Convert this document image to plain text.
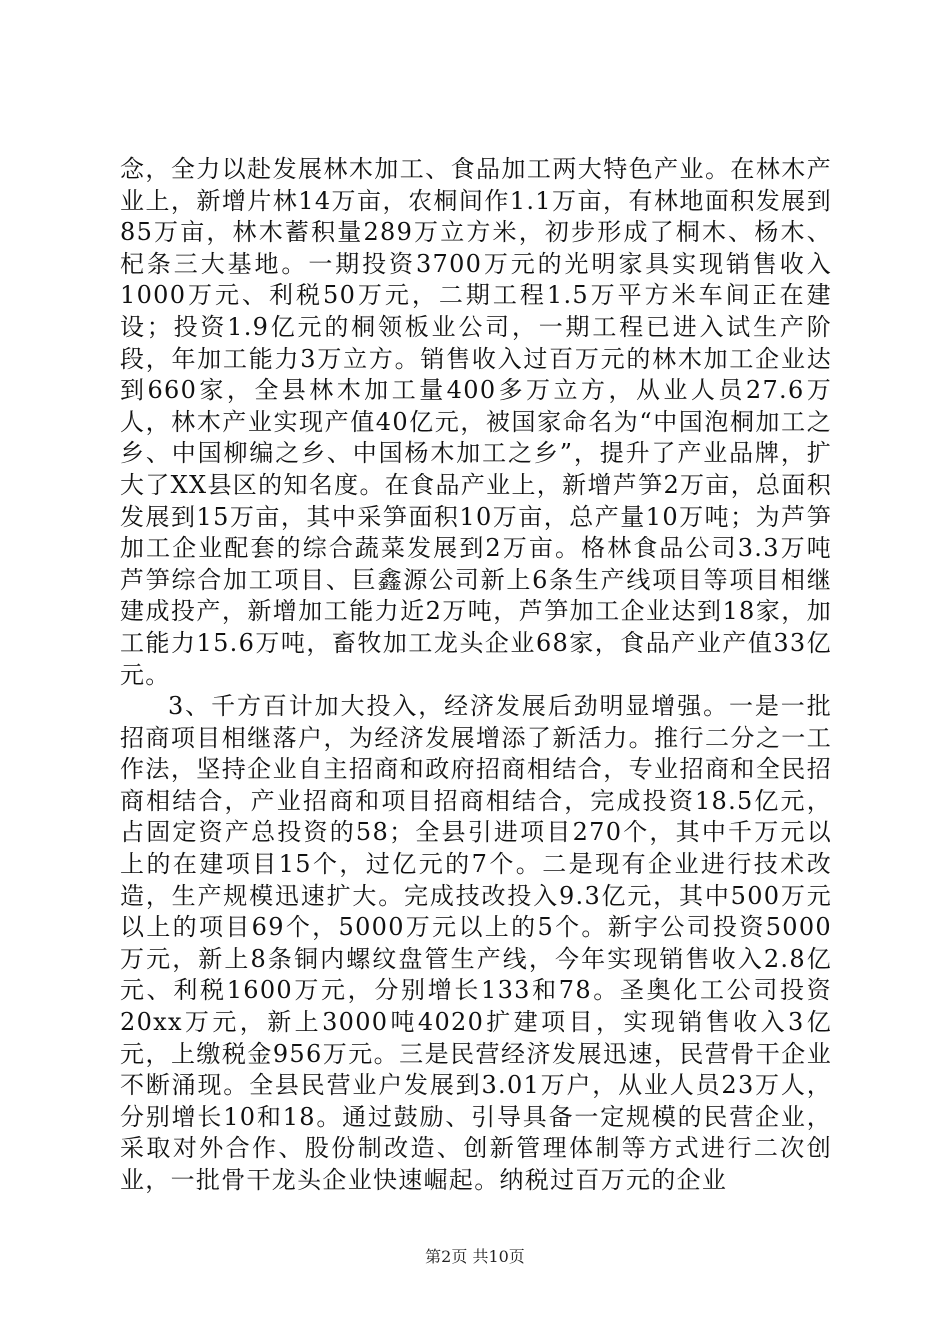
念，全力以赴发展林木加工、食品加工两大特色产业。在林木产业上，新增片林14万亩，农桐间作1.1万亩，有林地面积发展到85万亩，林木蓄积量289万立方米，初步形成了桐木、杨木、杞条三大基地。一期投资3700万元的光明家具实现销售收入1000万元、利税50万元，二期工程1.5万平方米车间正在建设；投资1.9亿元的桐领板业公司，一期工程已进入试生产阶段，年加工能力3万立方。销售收入过百万元的林木加工企业达到660家，全县林木加工量400多万立方，从业人员27.6万人，林木产业实现产值40亿元，被国家命名为“中国泡桐加工之乡、中国柳编之乡、中国杨木加工之乡”，提升了产业品牌，扩大了XX县区的知名度。在食品产业上，新增芦笋2万亩，总面积发展到15万亩，其中采笋面积10万亩，总产量10万吨；为芦笋加工企业配套的综合蔬菜发展到2万亩。格林食品公司3.3万吨芦笋综合加工项目、巨鑫源公司新上6条生产线项目等项目相继建成投产，新增加工能力近2万吨，芦笋加工企业达到18家，加工能力15.6万吨，畜牧加工龙头企业68家，食品产业产值33亿元。

3、千方百计加大投入，经济发展后劲明显增强。一是一批招商项目相继落户，为经济发展增添了新活力。推行二分之一工作法，坚持企业自主招商和政府招商相结合，专业招商和全民招商相结合，产业招商和项目招商相结合，完成投资18.5亿元，占固定资产总投资的58；全县引进项目270个，其中千万元以上的在建项目15个，过亿元的7个。二是现有企业进行技术改造，生产规模迅速扩大。完成技改投入9.3亿元，其中500万元以上的项目69个，5000万元以上的5个。新宇公司投资5000万元，新上8条铜内螺纹盘管生产线，今年实现销售收入2.8亿元、利税1600万元，分别增长133和78。圣奥化工公司投资20xx万元，新上3000吨4020扩建项目，实现销售收入3亿元，上缴税金956万元。三是民营经济发展迅速，民营骨干企业不断涌现。全县民营业户发展到3.01万户，从业人员23万人，分别增长10和18。通过鼓励、引导具备一定规模的民营企业，采取对外合作、股份制改造、创新管理体制等方式进行二次创业，一批骨干龙头企业快速崛起。纳税过百万元的企业

第2页 共10页
